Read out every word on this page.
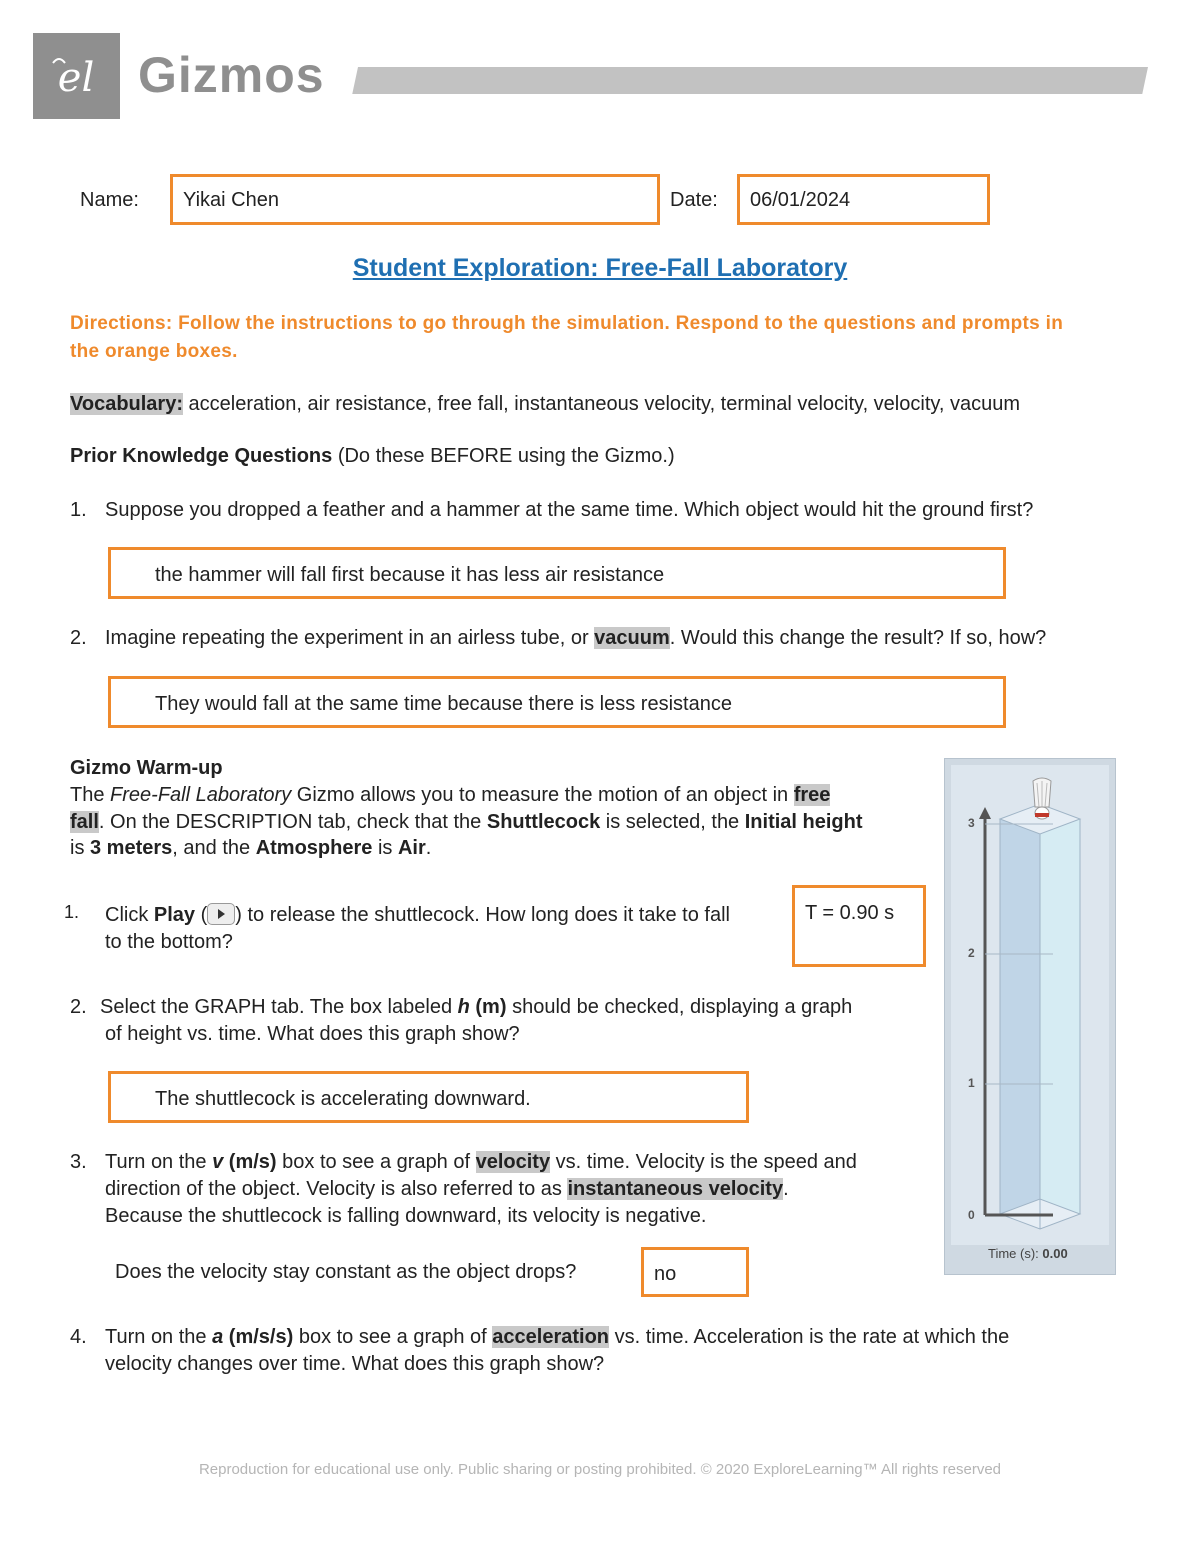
el Gizmos
Name: Yikai Chen	Date: 06/01/2024
Student Exploration: Free-Fall Laboratory
Directions: Follow the instructions to go through the simulation. Respond to the questions and prompts in the orange boxes.
Vocabulary: acceleration, air resistance, free fall, instantaneous velocity, terminal velocity, velocity, vacuum
Prior Knowledge Questions (Do these BEFORE using the Gizmo.)
1. Suppose you dropped a feather and a hammer at the same time. Which object would hit the ground first?
the hammer will fall first because it has less air resistance
2. Imagine repeating the experiment in an airless tube, or vacuum. Would this change the result? If so, how?
They would fall at the same time because there is less resistance
Gizmo Warm-up
The Free-Fall Laboratory Gizmo allows you to measure the motion of an object in free
fall. On the DESCRIPTION tab, check that the Shuttlecock is selected, the Initial height
is 3 meters, and the Atmosphere is Air.
1. Click Play ( ) to release the shuttlecock. How long does it take to fall
to the bottom?
T = 0.90 s
2. Select the GRAPH tab. The box labeled h (m) should be checked, displaying a graph
of height vs. time. What does this graph show?
The shuttlecock is accelerating downward.
3. Turn on the v (m/s) box to see a graph of velocity vs. time. Velocity is the speed and
direction of the object. Velocity is also referred to as instantaneous velocity.
Because the shuttlecock is falling downward, its velocity is negative.
Does the velocity stay constant as the object drops?	no
4. Turn on the a (m/s/s) box to see a graph of acceleration vs. time. Acceleration is the rate at which the
velocity changes over time. What does this graph show?
3
2
1
0
Time (s): 0.00
Reproduction for educational use only. Public sharing or posting prohibited. © 2020 ExploreLearning™ All rights reserved
